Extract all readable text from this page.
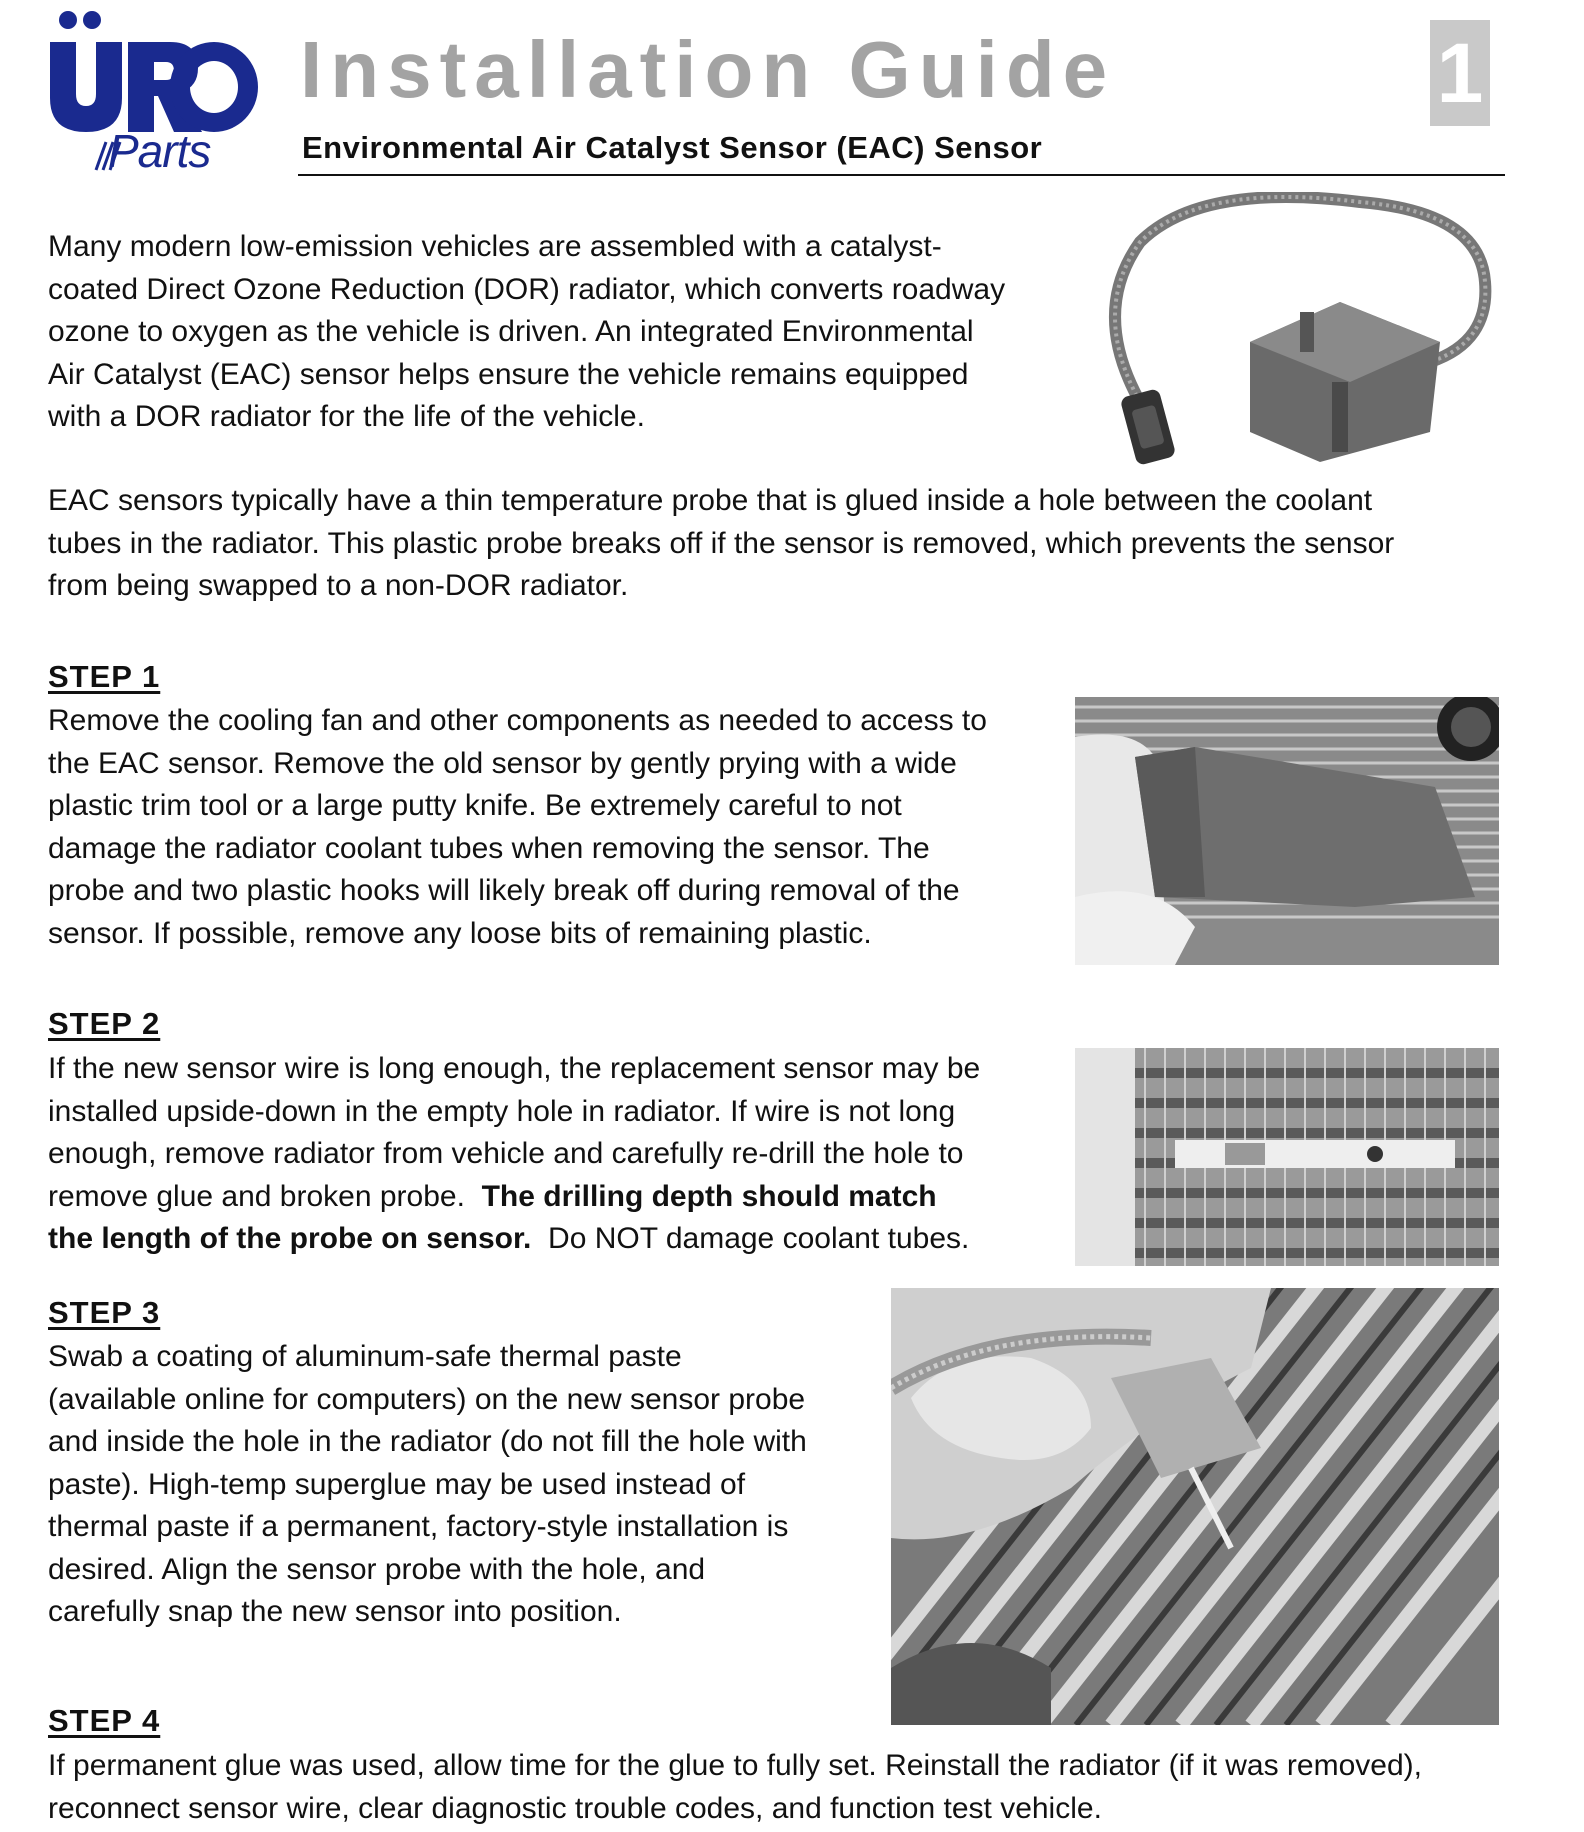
Parts
Installation Guide
Environmental Air Catalyst Sensor (EAC) Sensor
1

Many modern low-emission vehicles are assembled with a catalyst-

coated Direct Ozone Reduction (DOR) radiator, which converts roadway

ozone to oxygen as the vehicle is driven. An integrated Environmental

Air Catalyst (EAC) sensor helps ensure the vehicle remains equipped

with a DOR radiator for the life of the vehicle.

EAC sensors typically have a thin temperature probe that is glued inside a hole between the coolant

tubes in the radiator. This plastic probe breaks off if the sensor is removed, which prevents the sensor

from being swapped to a non-DOR radiator.

STEP 1

Remove the cooling fan and other components as needed to access to

the EAC sensor. Remove the old sensor by gently prying with a wide

plastic trim tool or a large putty knife. Be extremely careful to not

damage the radiator coolant tubes when removing the sensor. The

probe and two plastic hooks will likely break off during removal of the

sensor. If possible, remove any loose bits of remaining plastic.

STEP 2

If the new sensor wire is long enough, the replacement sensor may be

installed upside-down in the empty hole in radiator. If wire is not long

enough, remove radiator from vehicle and carefully re-drill the hole to

remove glue and broken probe.  The drilling depth should match

the length of the probe on sensor.  Do NOT damage coolant tubes.

STEP 3

Swab a coating of aluminum-safe thermal paste

(available online for computers) on the new sensor probe

and inside the hole in the radiator (do not fill the hole with

paste). High-temp superglue may be used instead of

thermal paste if a permanent, factory-style installation is

desired. Align the sensor probe with the hole, and

carefully snap the new sensor into position.

STEP 4

If permanent glue was used, allow time for the glue to fully set. Reinstall the radiator (if it was removed),

reconnect sensor wire, clear diagnostic trouble codes, and function test vehicle.
